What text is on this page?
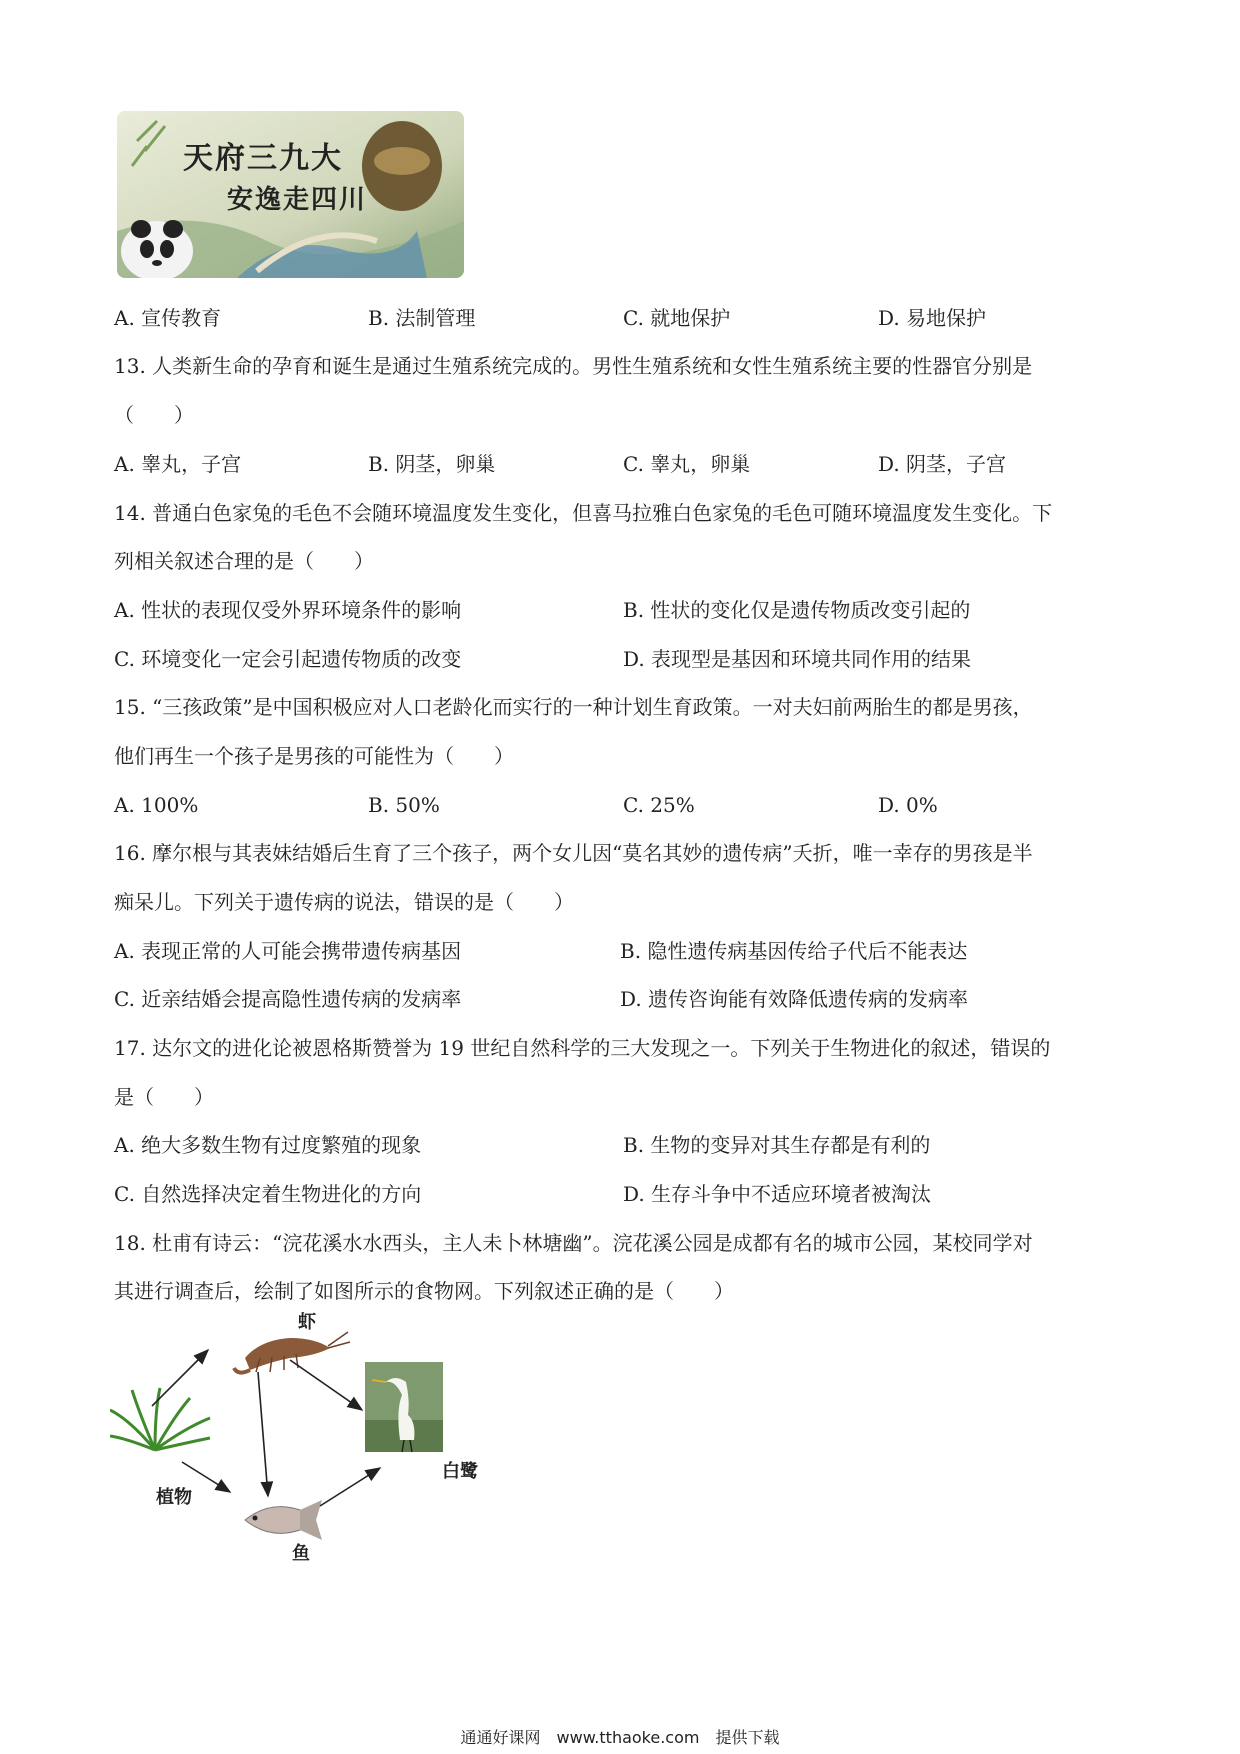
天府三九大
安逸走四川
A. 宣传教育	B. 法制管理	C. 就地保护	D. 易地保护
13. 人类新生命的孕育和诞生是通过生殖系统完成的。男性生殖系统和女性生殖系统主要的性器官分别是
（　　）
A. 睾丸，子宫	B. 阴茎，卵巢	C. 睾丸，卵巢	D. 阴茎，子宫
14. 普通白色家兔的毛色不会随环境温度发生变化，但喜马拉雅白色家兔的毛色可随环境温度发生变化。下
列相关叙述合理的是（　　）
A. 性状的表现仅受外界环境条件的影响	B. 性状的变化仅是遗传物质改变引起的
C. 环境变化一定会引起遗传物质的改变	D. 表现型是基因和环境共同作用的结果
15. “三孩政策”是中国积极应对人口老龄化而实行的一种计划生育政策。一对夫妇前两胎生的都是男孩，
他们再生一个孩子是男孩的可能性为（　　）
A. 100%	B. 50%	C. 25%	D. 0%
16. 摩尔根与其表妹结婚后生育了三个孩子，两个女儿因“莫名其妙的遗传病”夭折，唯一幸存的男孩是半
痴呆儿。下列关于遗传病的说法，错误的是（　　）
A. 表现正常的人可能会携带遗传病基因	B. 隐性遗传病基因传给子代后不能表达
C. 近亲结婚会提高隐性遗传病的发病率	D. 遗传咨询能有效降低遗传病的发病率
17. 达尔文的进化论被恩格斯赞誉为 19 世纪自然科学的三大发现之一。下列关于生物进化的叙述，错误的
是（　　）
A. 绝大多数生物有过度繁殖的现象	B. 生物的变异对其生存都是有利的
C. 自然选择决定着生物进化的方向	D. 生存斗争中不适应环境者被淘汰
18. 杜甫有诗云：“浣花溪水水西头，主人未卜林塘幽”。浣花溪公园是成都有名的城市公园，某校同学对
其进行调查后，绘制了如图所示的食物网。下列叙述正确的是（　　）
虾
植物
鱼
白鹭
通通好课网　www.tthaoke.com　提供下载
